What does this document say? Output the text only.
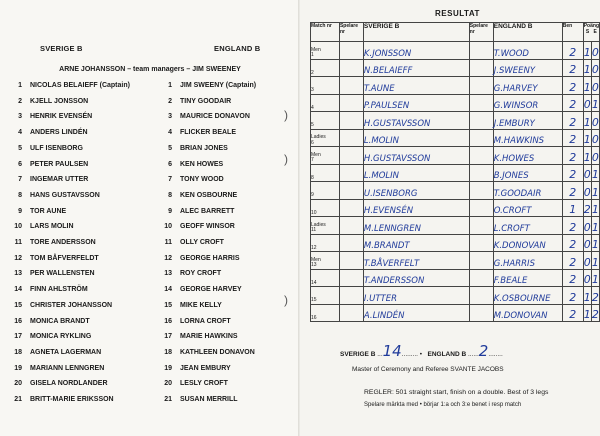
SVERIGE B	ENGLAND B
ARNE JOHANSSON – team managers – JIM SWEENEY
1 NICOLAS BELAIEFF (Captain)
2 KJELL JONSSON
3 HENRIK EVENSÉN
4 ANDERS LINDÉN
5 ULF ISENBORG
6 PETER PAULSEN
7 INGEMAR UTTER
8 HANS GUSTAVSSON
9 TOR AUNE
10 LARS MOLIN
11 TORE ANDERSSON
12 TOM BÅFVERFELDT
13 PER WALLENSTEN
14 FINN AHLSTRÖM
15 CHRISTER JOHANSSON
16 MONICA BRANDT
17 MONICA RYKLING
18 AGNETA LAGERMAN
19 MARIANN LENNGREN
20 GISELA NORDLANDER
21 BRITT-MARIE ERIKSSON
1 JIM SWEENY (Captain)
2 TINY GOODAIR
3 MAURICE DONAVON
4 FLICKER BEALE
5 BRIAN JONES
6 KEN HOWES
7 TONY WOOD
8 KEN OSBOURNE
9 ALEC BARRETT
10 GEOFF WINSOR
11 OLLY CROFT
12 GEORGE HARRIS
13 ROY CROFT
14 GEORGE HARVEY
15 MIKE KELLY
16 LORNA CROFT
17 MARIE HAWKINS
18 KATHLEEN DONAVON
19 JEAN EMBURY
20 LESLY CROFT
21 SUSAN MERRILL
)
)
)
RESULTAT
Match nr	Spelare nr	SVERIGE B	Spelare nr	ENGLAND B	Ben	Poäng
S E	

Men
1		K.JONSSON		T.WOOD	2	1	0
2		N.BELAIEFF		J.SWEENY	2	1	0
3		T.AUNE		G.HARVEY	2	1	0
4		P.PAULSEN		G.WINSOR	2	0	1
5		H.GUSTAVSSON		J.EMBURY	2	1	0
Ladies
6		L.MOLIN		M.HAWKINS	2	1	0
Men
7		H.GUSTAVSSON		K.HOWES	2	1	0
8		L.MOLIN		B.JONES	2	0	1
9		U.ISENBORG		T.GOODAIR	2	0	1
10		H.EVENSÉN		O.CROFT	1	2	1
Ladies
11		M.LENNGREN		L.CROFT	2	0	1
12		M.BRANDT		K.DONOVAN	2	0	1
Men
13		T.BÅVERFELT		G.HARRIS	2	0	1
14		T.ANDERSSON		F.BEALE	2	0	1
15		I.UTTER		K.OSBOURNE	2	1	2
16		A.LINDÉN		M.DONOVAN	2	1	2
SVERIGE B ...14......... •   ENGLAND B ......2........
Master of Ceremony and Referee SVANTE JACOBS
REGLER: 501 straight start, finish on a double. Best of 3 legs
Spelare märkta med • börjar 1:a och 3:e benet i resp match
